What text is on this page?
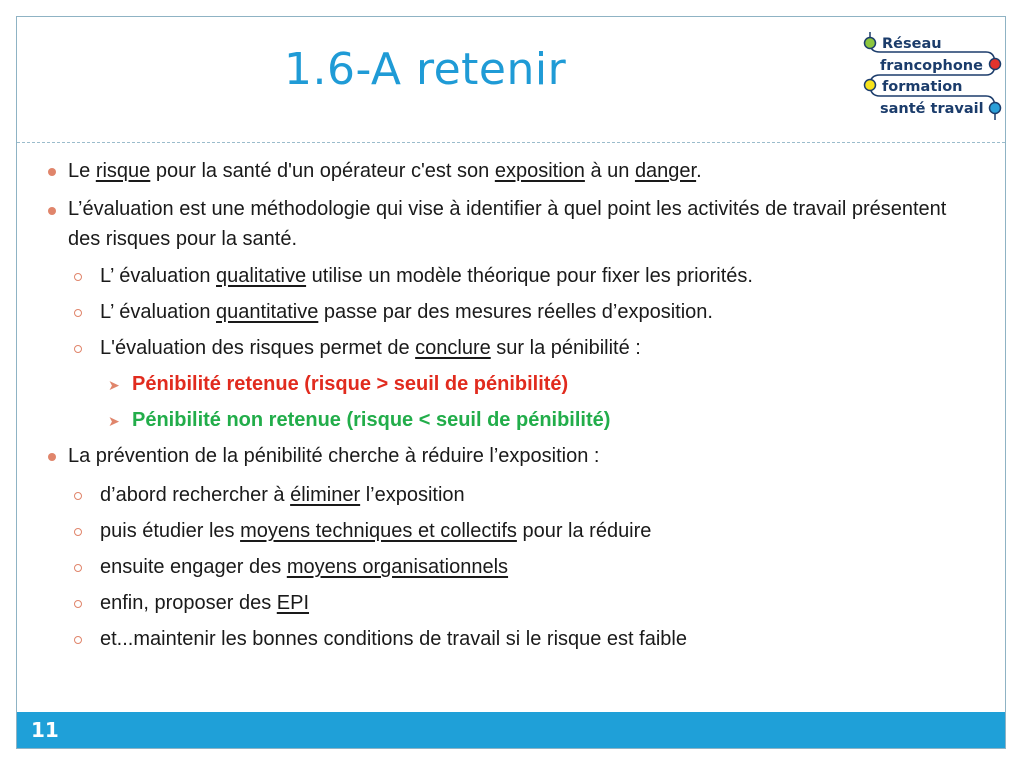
1.6-A retenir	Réseau
francophone
formation
santé travail
Le risque pour la santé d'un opérateur c'est son exposition à un danger.
L’évaluation est une méthodologie qui vise à identifier à quel point les activités de travail présentent des risques pour la santé.
L’ évaluation qualitative utilise un modèle théorique pour fixer les priorités.
L’ évaluation quantitative passe par des mesures réelles d’exposition.
L'évaluation des risques permet de conclure sur la pénibilité :
➤ Pénibilité retenue (risque > seuil de pénibilité)
➤ Pénibilité non retenue (risque < seuil de pénibilité)
La prévention de la pénibilité cherche à réduire l’exposition :
d’abord rechercher à éliminer l’exposition
puis étudier les moyens techniques et collectifs pour la réduire
ensuite engager des moyens organisationnels
enfin, proposer des EPI
et...maintenir les bonnes conditions de travail si le risque est faible
11
